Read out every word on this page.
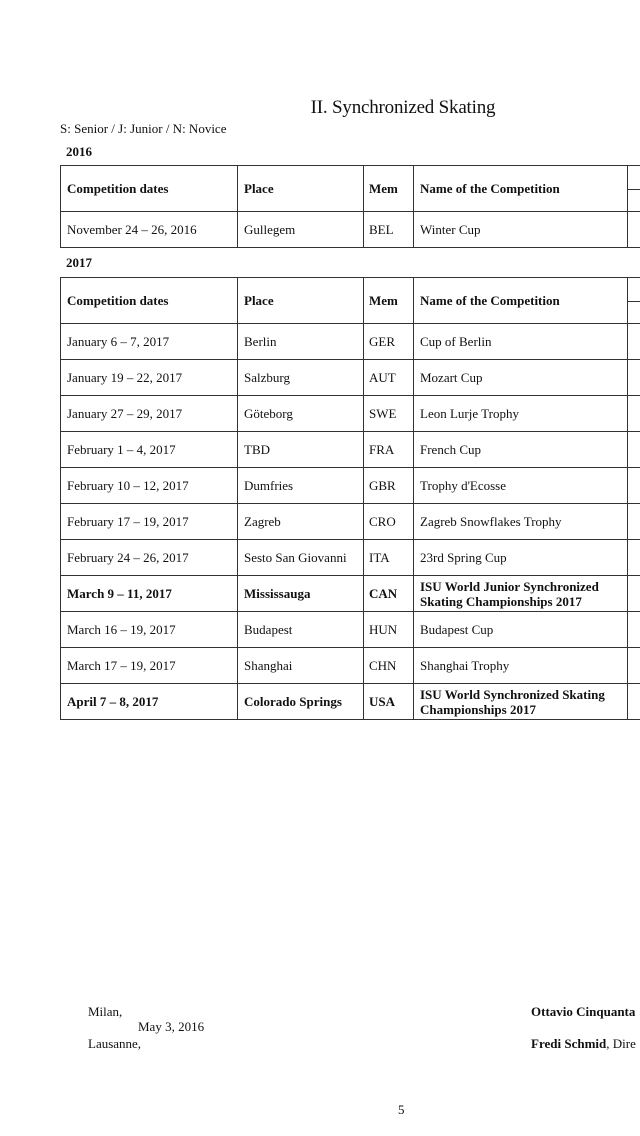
II. Synchronized Skating
S: Senior / J: Junior / N: Novice
2016
Competition dates	Place	Mem	Name of the Competition	

November 24 – 26, 2016	Gullegem	BEL	Winter Cup	
2017
Competition dates	Place	Mem	Name of the Competition	

January 6 – 7, 2017	Berlin	GER	Cup of Berlin	
January 19 – 22, 2017	Salzburg	AUT	Mozart Cup	
January 27 – 29, 2017	Göteborg	SWE	Leon Lurje Trophy	
February 1 – 4, 2017	TBD	FRA	French Cup	
February 10 – 12, 2017	Dumfries	GBR	Trophy d'Ecosse	
February 17 – 19, 2017	Zagreb	CRO	Zagreb Snowflakes Trophy	
February 24 – 26, 2017	Sesto San Giovanni	ITA	23rd Spring Cup	
March 9 – 11, 2017	Mississauga	CAN	ISU World Junior Synchronized Skating Championships 2017	
March 16 – 19, 2017	Budapest	HUN	Budapest Cup	
March 17 – 19, 2017	Shanghai	CHN	Shanghai Trophy	
April 7 – 8, 2017	Colorado Springs	USA	ISU World Synchronized Skating Championships 2017	
Milan,
May 3, 2016
Lausanne,
Ottavio Cinquanta
Fredi Schmid, Dire
5
